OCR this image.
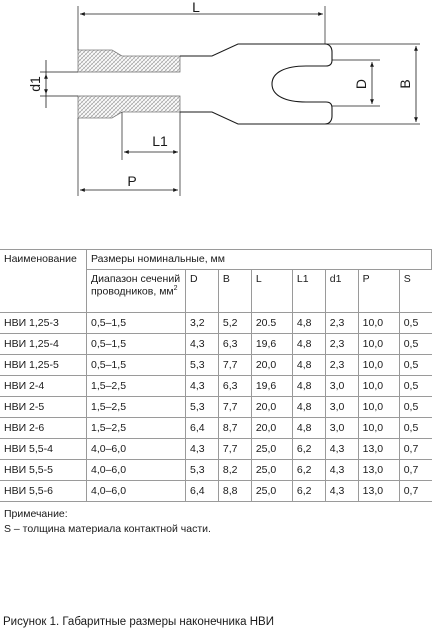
L
d1
L1
P
D B
Наименование	Размеры номинальные, мм							
	Диапазон сечений
проводников, $мм^2$	D	B	L	L1	d1	P	S
НВИ 1,25-3	0,5–1,5	3,2	5,2	20.5	4,8	2,3	10,0	0,5
НВИ 1,25-4	0,5–1,5	4,3	6,3	19,6	4,8	2,3	10,0	0,5
НВИ 1,25-5	0,5–1,5	5,3	7,7	20,0	4,8	2,3	10,0	0,5
НВИ 2-4	1,5–2,5	4,3	6,3	19,6	4,8	3,0	10,0	0,5
НВИ 2-5	1,5–2,5	5,3	7,7	20,0	4,8	3,0	10,0	0,5
НВИ 2-6	1,5–2,5	6,4	8,7	20,0	4,8	3,0	10,0	0,5
НВИ 5,5-4	4,0–6,0	4,3	7,7	25,0	6,2	4,3	13,0	0,7
НВИ 5,5-5	4,0–6,0	5,3	8,2	25,0	6,2	4,3	13,0	0,7
НВИ 5,5-6	4,0–6,0	6,4	8,8	25,0	6,2	4,3	13,0	0,7
Примечание:
S – толщина материала контактной части.
Рисунок 1. Габаритные размеры наконечника НВИ
